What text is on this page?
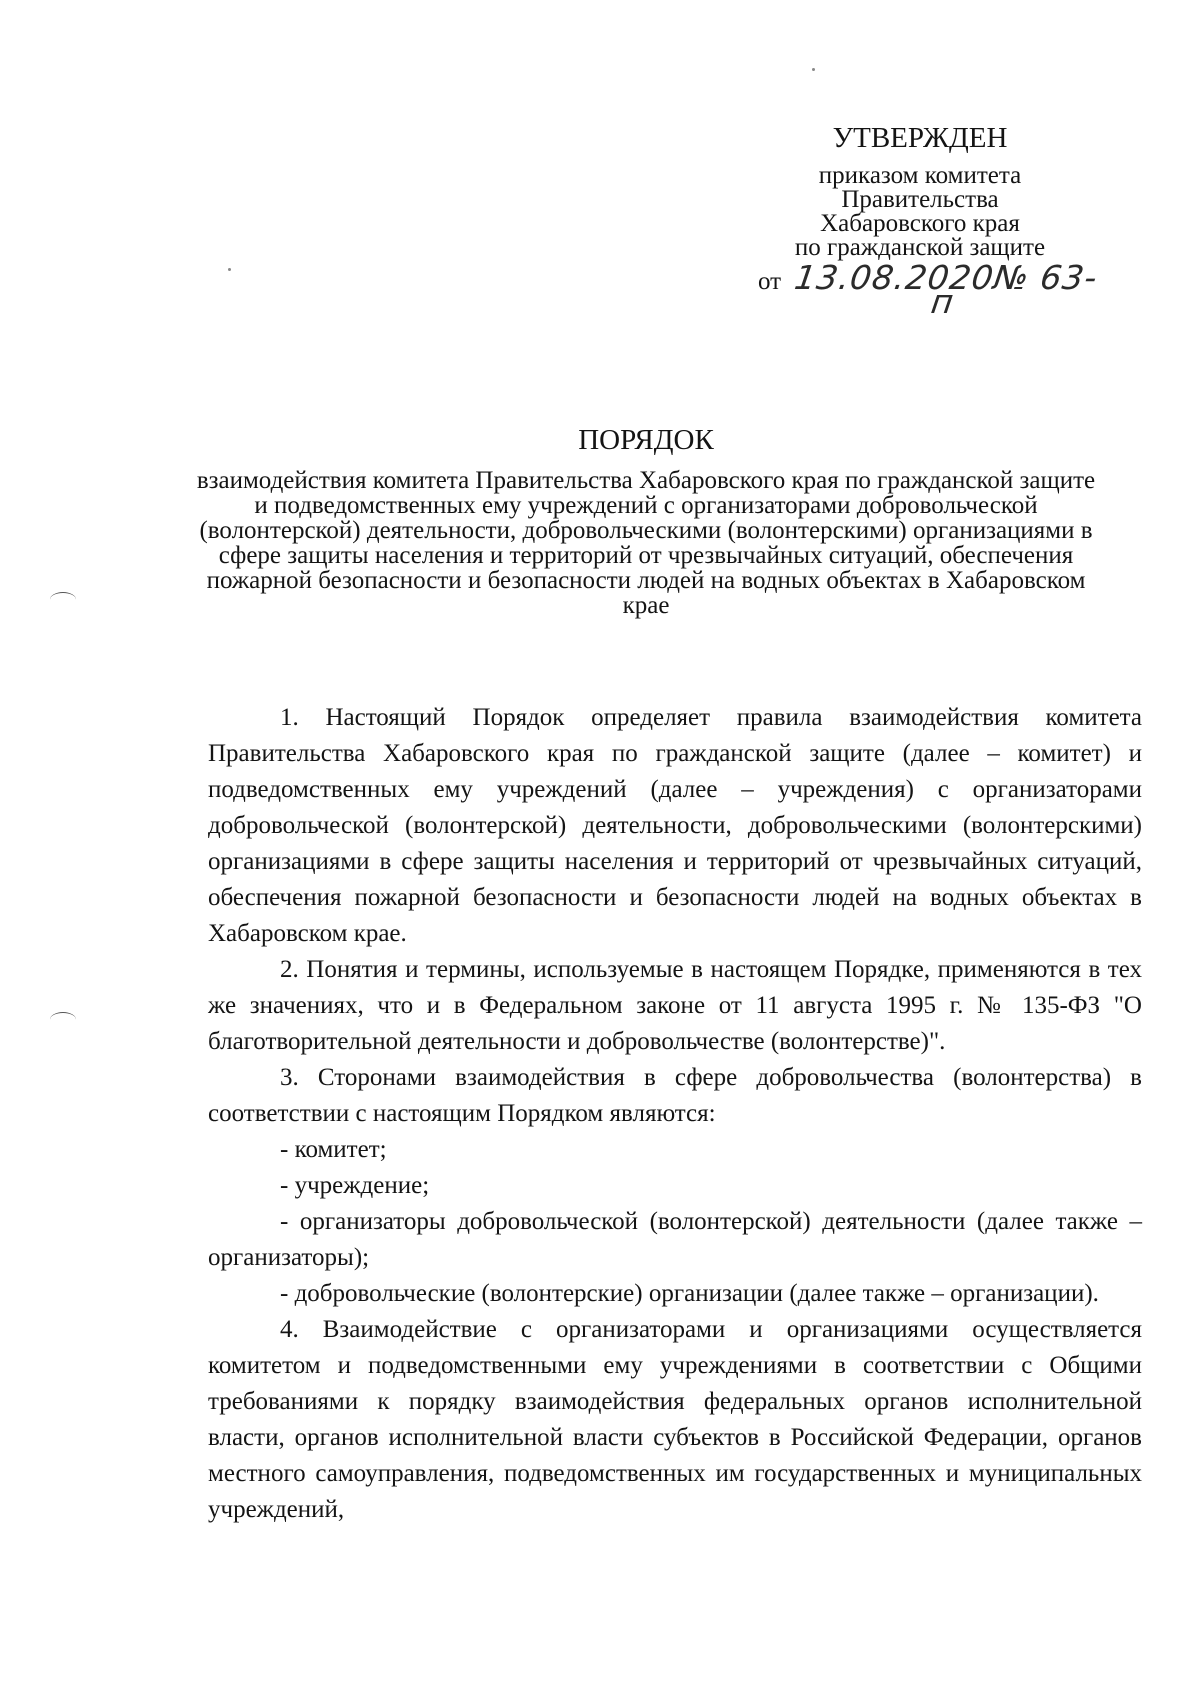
УТВЕРЖДЕН
приказом комитета
Правительства
Хабаровского края
по гражданской защите
от 13.08.2020№ 63-п
ПОРЯДОК
взаимодействия комитета Правительства Хабаровского края по гражданской защите и подведомственных ему учреждений с организаторами добровольческой (волонтерской) деятельности, добровольческими (волонтерскими) организациями в сфере защиты населения и территорий от чрезвычайных ситуаций, обеспечения пожарной безопасности и безопасности людей на водных объектах в Хабаровском крае

1. Настоящий Порядок определяет правила взаимодействия комитета Правительства Хабаровского края по гражданской защите (далее – комитет) и подведомственных ему учреждений (далее – учреждения) с организаторами добровольческой (волонтерской) деятельности, добровольческими (волонтерскими) организациями в сфере защиты населения и территорий от чрезвычайных ситуаций, обеспечения пожарной безопасности и безопасности людей на водных объектах в Хабаровском крае.

2. Понятия и термины, используемые в настоящем Порядке, применяются в тех же значениях, что и в Федеральном законе от 11 августа 1995 г. № 135-ФЗ "О благотворительной деятельности и добровольчестве (волонтерстве)".

3. Сторонами взаимодействия в сфере добровольчества (волонтерства) в соответствии с настоящим Порядком являются:

- комитет;

- учреждение;

- организаторы добровольческой (волонтерской) деятельности (далее также – организаторы);

- добровольческие (волонтерские) организации (далее также – организации).

4. Взаимодействие с организаторами и организациями осуществляется комитетом и подведомственными ему учреждениями в соответствии с Общими требованиями к порядку взаимодействия федеральных органов исполнительной власти, органов исполнительной власти субъектов в Российской Федерации, органов местного самоуправления, подведомственных им государственных и муниципальных учреждений,
